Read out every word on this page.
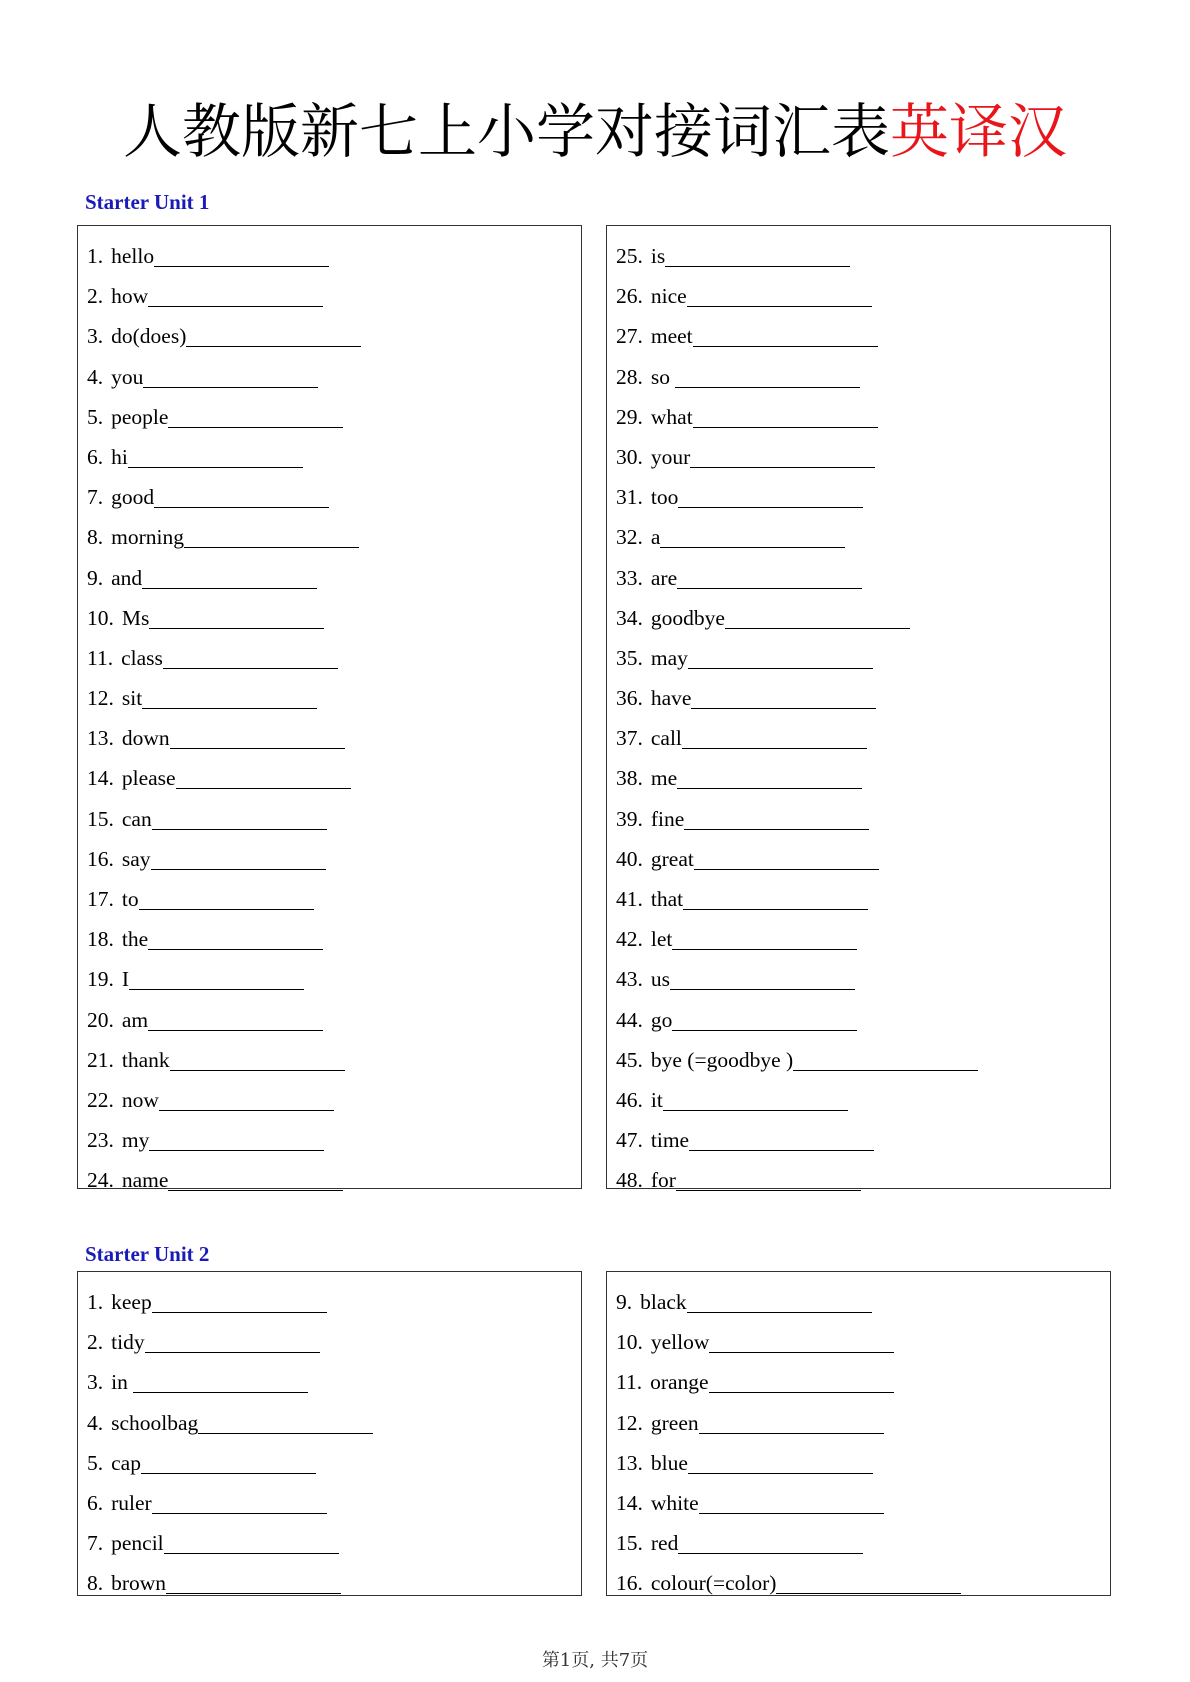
人教版新七上小学对接词汇表英译汉
Starter Unit 1
1. hello
2. how
3. do(does)
4. you
5. people
6. hi
7. good
8. morning
9. and
10. Ms
11. class
12. sit
13. down
14. please
15. can
16. say
17. to
18. the
19. I
20. am
21. thank
22. now
23. my
24. name
25. is
26. nice
27. meet
28. so
29. what
30. your
31. too
32. a
33. are
34. goodbye
35. may
36. have
37. call
38. me
39. fine
40. great
41. that
42. let
43. us
44. go
45. bye (=goodbye )
46. it
47. time
48. for
Starter Unit 2
1. keep
2. tidy
3. in
4. schoolbag
5. cap
6. ruler
7. pencil
8. brown
9. black
10. yellow
11. orange
12. green
13. blue
14. white
15. red
16. colour(=color)
第1页, 共7页
